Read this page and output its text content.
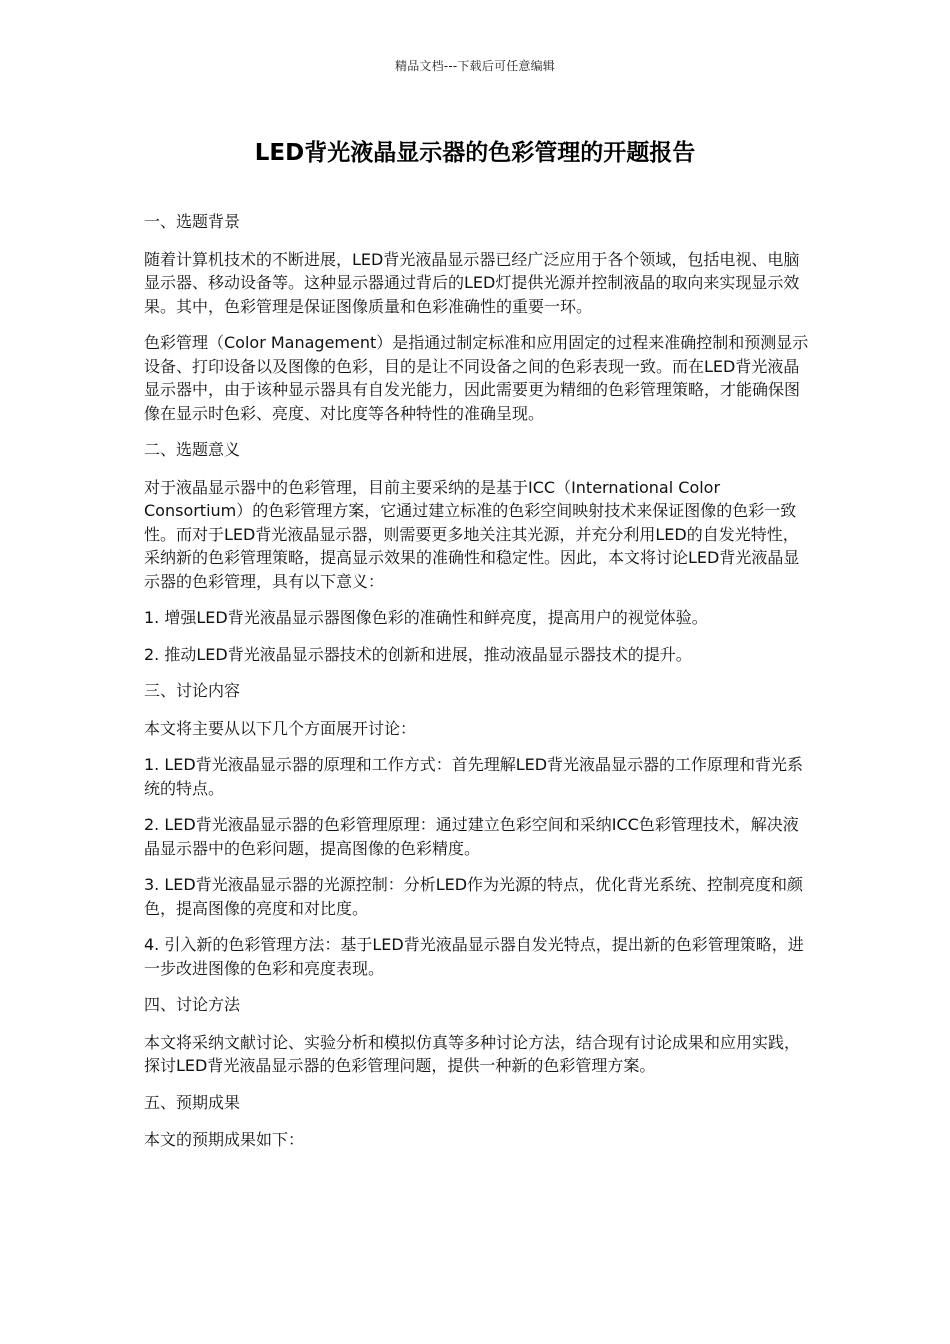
精品文档---下载后可任意编辑
LED背光液晶显示器的色彩管理的开题报告

一、选题背景

随着计算机技术的不断进展，LED背光液晶显示器已经广泛应用于各个领域，包括电视、电脑显示器、移动设备等。这种显示器通过背后的LED灯提供光源并控制液晶的取向来实现显示效果。其中，色彩管理是保证图像质量和色彩准确性的重要一环。

色彩管理（Color Management）是指通过制定标准和应用固定的过程来准确控制和预测显示设备、打印设备以及图像的色彩，目的是让不同设备之间的色彩表现一致。而在LED背光液晶显示器中，由于该种显示器具有自发光能力，因此需要更为精细的色彩管理策略，才能确保图像在显示时色彩、亮度、对比度等各种特性的准确呈现。

二、选题意义

对于液晶显示器中的色彩管理，目前主要采纳的是基于ICC（International Color Consortium）的色彩管理方案，它通过建立标准的色彩空间映射技术来保证图像的色彩一致性。而对于LED背光液晶显示器，则需要更多地关注其光源，并充分利用LED的自发光特性，采纳新的色彩管理策略，提高显示效果的准确性和稳定性。因此，本文将讨论LED背光液晶显示器的色彩管理，具有以下意义：

1. 增强LED背光液晶显示器图像色彩的准确性和鲜亮度，提高用户的视觉体验。

2. 推动LED背光液晶显示器技术的创新和进展，推动液晶显示器技术的提升。

三、讨论内容

本文将主要从以下几个方面展开讨论：

1. LED背光液晶显示器的原理和工作方式：首先理解LED背光液晶显示器的工作原理和背光系统的特点。

2. LED背光液晶显示器的色彩管理原理：通过建立色彩空间和采纳ICC色彩管理技术，解决液晶显示器中的色彩问题，提高图像的色彩精度。

3. LED背光液晶显示器的光源控制：分析LED作为光源的特点，优化背光系统、控制亮度和颜色，提高图像的亮度和对比度。

4. 引入新的色彩管理方法：基于LED背光液晶显示器自发光特点，提出新的色彩管理策略，进一步改进图像的色彩和亮度表现。

四、讨论方法

本文将采纳文献讨论、实验分析和模拟仿真等多种讨论方法，结合现有讨论成果和应用实践，探讨LED背光液晶显示器的色彩管理问题，提供一种新的色彩管理方案。

五、预期成果

本文的预期成果如下：
